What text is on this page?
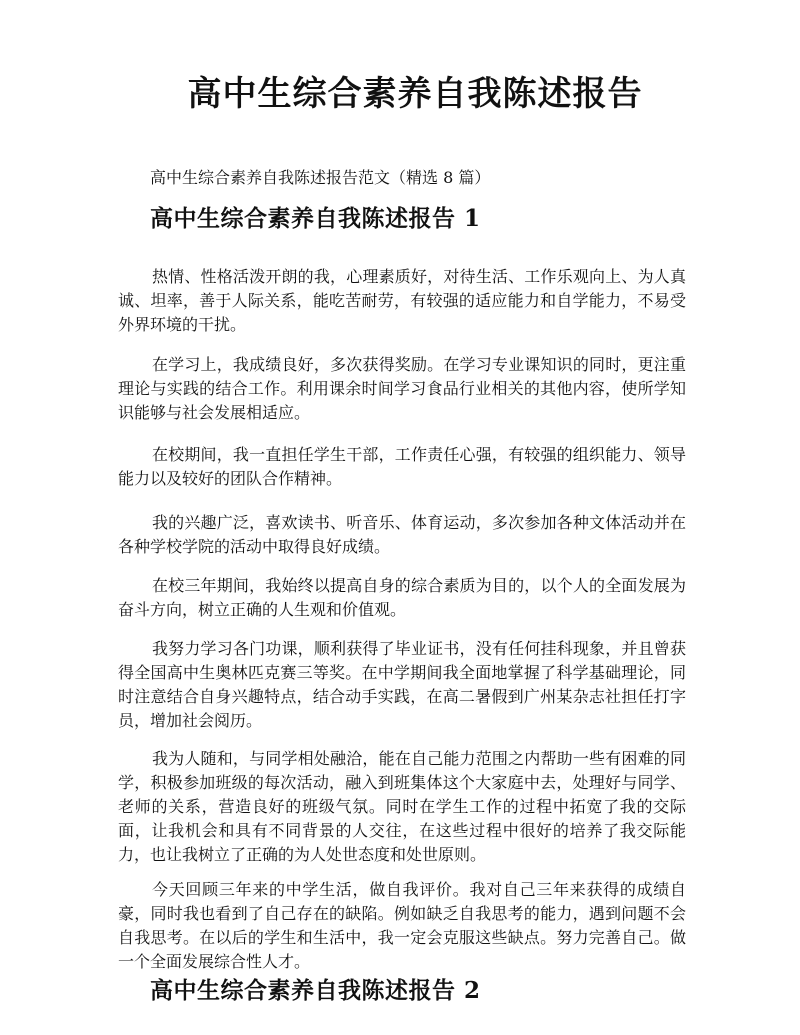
高中生综合素养自我陈述报告

高中生综合素养自我陈述报告范文（精选 8 篇）

高中生综合素养自我陈述报告 1

热情、性格活泼开朗的我，心理素质好，对待生活、工作乐观向上、为人真诚、坦率，善于人际关系，能吃苦耐劳，有较强的适应能力和自学能力，不易受外界环境的干扰。

在学习上，我成绩良好，多次获得奖励。在学习专业课知识的同时，更注重理论与实践的结合工作。利用课余时间学习食品行业相关的其他内容，使所学知识能够与社会发展相适应。

在校期间，我一直担任学生干部，工作责任心强，有较强的组织能力、领导能力以及较好的团队合作精神。

我的兴趣广泛，喜欢读书、听音乐、体育运动，多次参加各种文体活动并在各种学校学院的活动中取得良好成绩。

在校三年期间，我始终以提高自身的综合素质为目的，以个人的全面发展为奋斗方向，树立正确的人生观和价值观。

我努力学习各门功课，顺利获得了毕业证书，没有任何挂科现象，并且曾获得全国高中生奥林匹克赛三等奖。在中学期间我全面地掌握了科学基础理论，同时注意结合自身兴趣特点，结合动手实践，在高二暑假到广州某杂志社担任打字员，增加社会阅历。

我为人随和，与同学相处融洽，能在自己能力范围之内帮助一些有困难的同学，积极参加班级的每次活动，融入到班集体这个大家庭中去，处理好与同学、老师的关系，营造良好的班级气氛。同时在学生工作的过程中拓宽了我的交际面，让我机会和具有不同背景的人交往，在这些过程中很好的培养了我交际能力，也让我树立了正确的为人处世态度和处世原则。

今天回顾三年来的中学生活，做自我评价。我对自己三年来获得的成绩自豪，同时我也看到了自己存在的缺陷。例如缺乏自我思考的能力，遇到问题不会自我思考。在以后的学生和生活中，我一定会克服这些缺点。努力完善自己。做一个全面发展综合性人才。

高中生综合素养自我陈述报告 2
